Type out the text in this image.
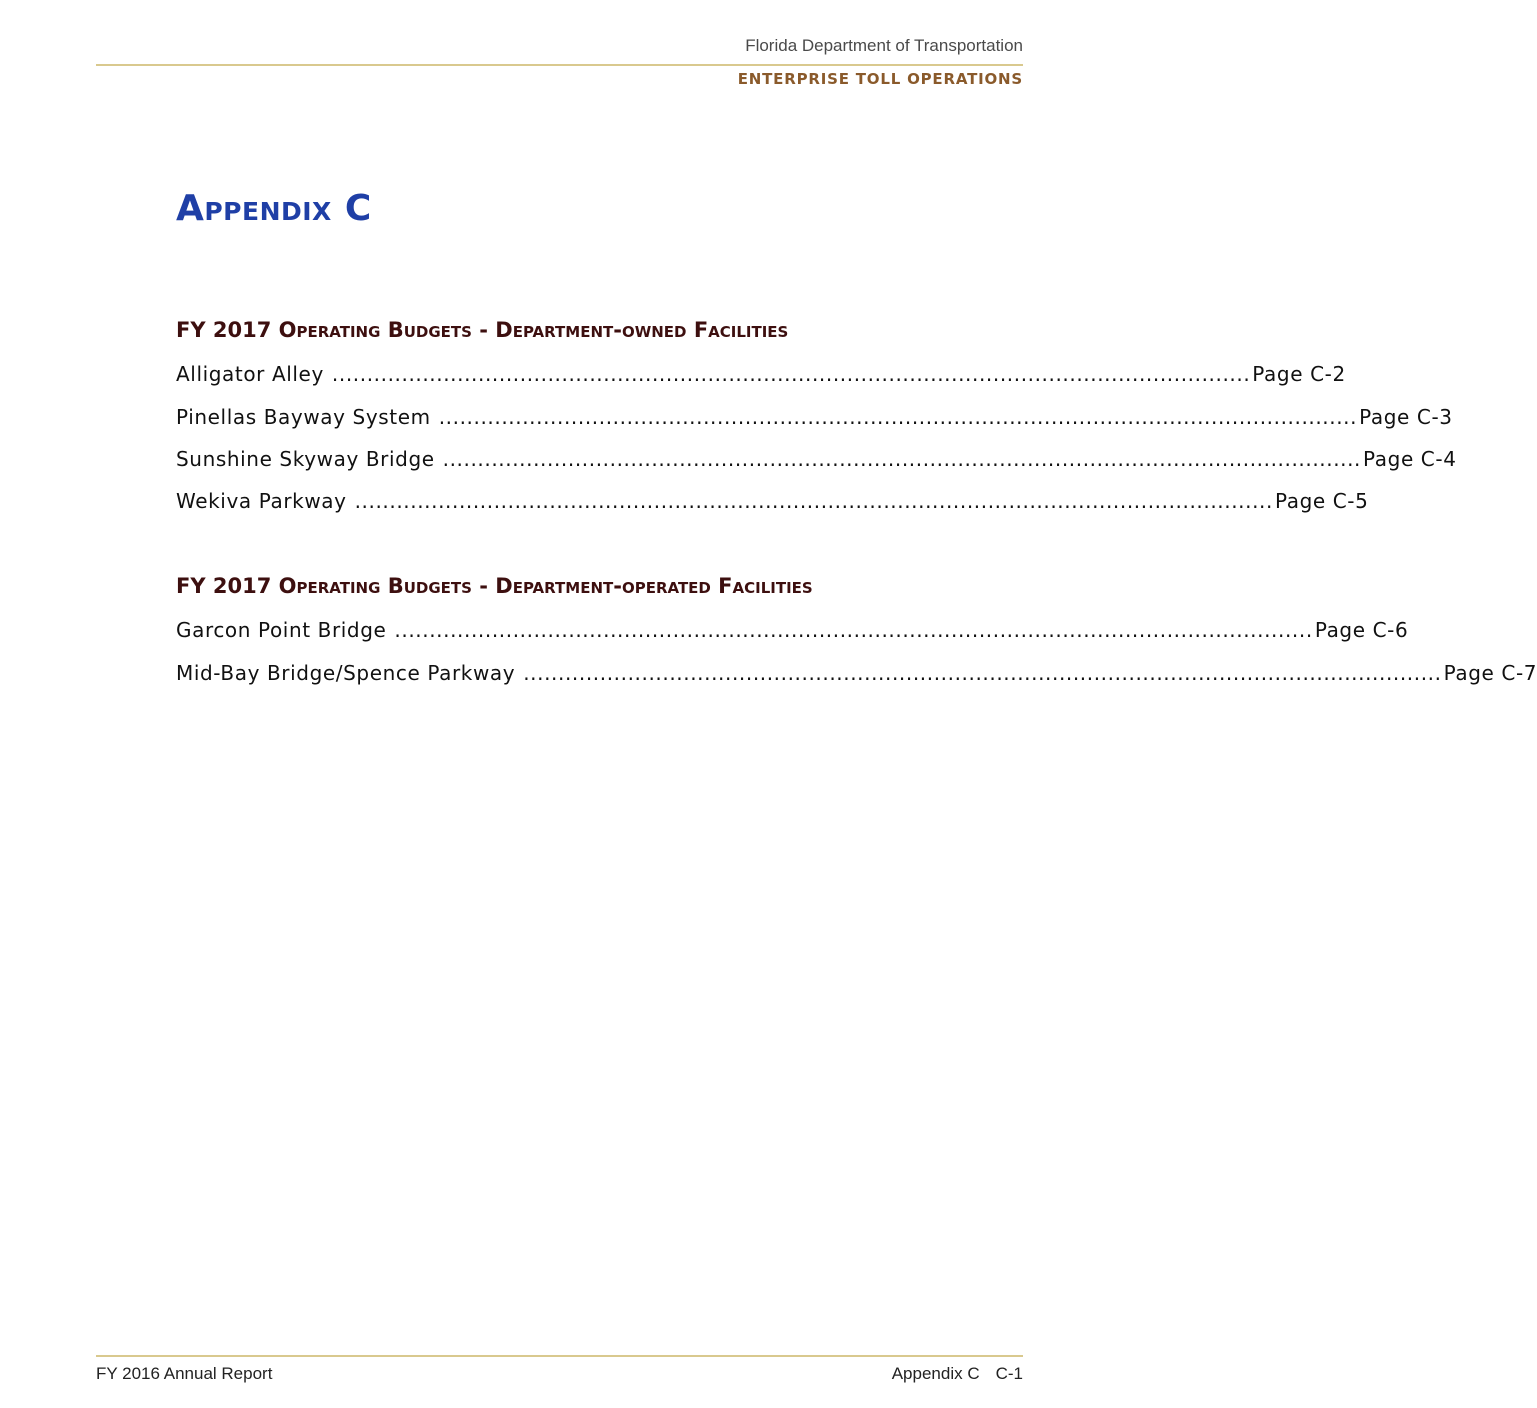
Florida Department of Transportation
ENTERPRISE TOLL OPERATIONS
Appendix C
FY 2017 Operating Budgets - Department-owned Facilities
Alligator Alley .................................................................................................................................... Page C-2
Pinellas Bayway System .................................................................................................................................... Page C-3
Sunshine Skyway Bridge .................................................................................................................................... Page C-4
Wekiva Parkway .................................................................................................................................... Page C-5
FY 2017 Operating Budgets - Department-operated Facilities
Garcon Point Bridge .................................................................................................................................... Page C-6
Mid-Bay Bridge/Spence Parkway .................................................................................................................................... Page C-7
FY 2016 Annual Report	Appendix C C-1
